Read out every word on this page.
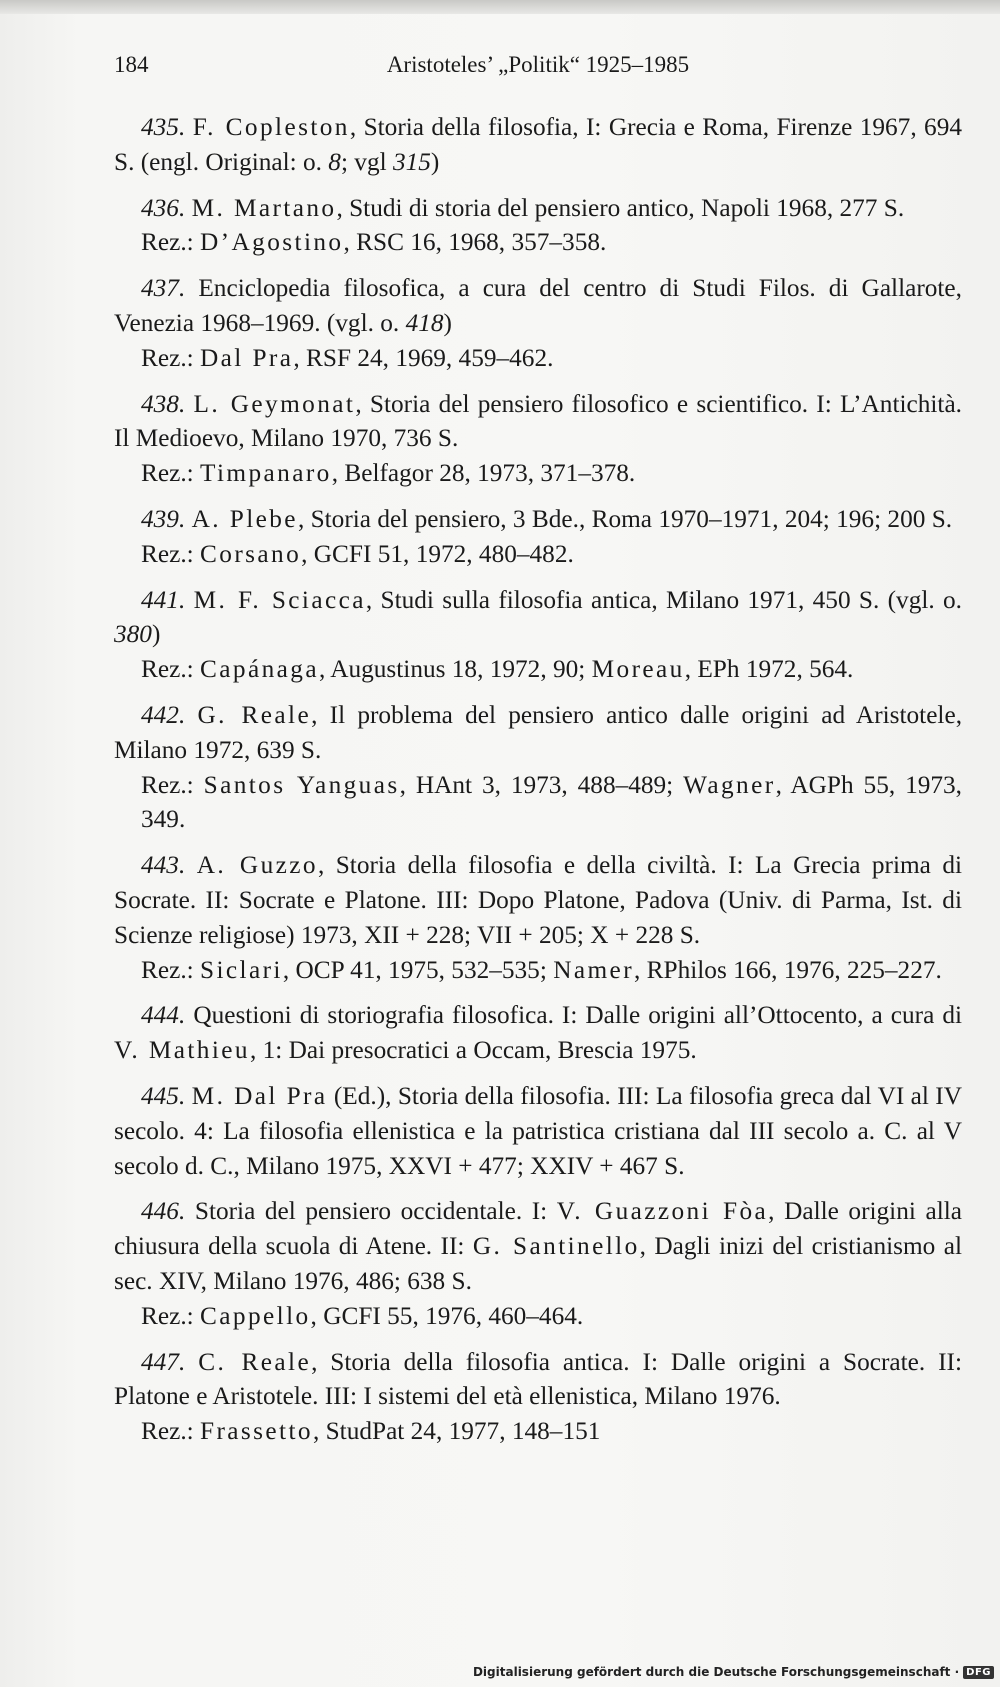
184	Aristoteles’ „Politik“ 1925–1985

435. F. Copleston, Storia della filosofia, I: Grecia e Roma, Firenze 1967, 694 S. (engl. Original: o. 8; vgl 315)

436. M. Martano, Studi di storia del pensiero antico, Napoli 1968, 277 S.

Rez.: D’Agostino, RSC 16, 1968, 357–358.

437. Enciclopedia filosofica, a cura del centro di Studi Filos. di Gallarote, Venezia 1968–1969. (vgl. o. 418)

Rez.: Dal Pra, RSF 24, 1969, 459–462.

438. L. Geymonat, Storia del pensiero filosofico e scientifico. I: L’Antichità. Il Medioevo, Milano 1970, 736 S.

Rez.: Timpanaro, Belfagor 28, 1973, 371–378.

439. A. Plebe, Storia del pensiero, 3 Bde., Roma 1970–1971, 204; 196; 200 S.

Rez.: Corsano, GCFI 51, 1972, 480–482.

441. M. F. Sciacca, Studi sulla filosofia antica, Milano 1971, 450 S. (vgl. o. 380)

Rez.: Capánaga, Augustinus 18, 1972, 90; Moreau, EPh 1972, 564.

442. G. Reale, Il problema del pensiero antico dalle origini ad Aristotele, Milano 1972, 639 S.

Rez.: Santos Yanguas, HAnt 3, 1973, 488–489; Wagner, AGPh 55, 1973, 349.

443. A. Guzzo, Storia della filosofia e della civiltà. I: La Grecia prima di Socrate. II: Socrate e Platone. III: Dopo Platone, Padova (Univ. di Parma, Ist. di Scienze religiose) 1973, XII + 228; VII + 205; X + 228 S.

Rez.: Siclari, OCP 41, 1975, 532–535; Namer, RPhilos 166, 1976, 225–227.

444. Questioni di storiografia filosofica. I: Dalle origini all’Ottocento, a cura di V. Mathieu, 1: Dai presocratici a Occam, Brescia 1975.

445. M. Dal Pra (Ed.), Storia della filosofia. III: La filosofia greca dal VI al IV secolo. 4: La filosofia ellenistica e la patristica cristiana dal III secolo a. C. al V secolo d. C., Milano 1975, XXVI + 477; XXIV + 467 S.

446. Storia del pensiero occidentale. I: V. Guazzoni Fòa, Dalle origini alla chiusura della scuola di Atene. II: G. Santinello, Dagli inizi del cristianismo al sec. XIV, Milano 1976, 486; 638 S.

Rez.: Cappello, GCFI 55, 1976, 460–464.

447. C. Reale, Storia della filosofia antica. I: Dalle origini a Socrate. II: Platone e Aristotele. III: I sistemi del età ellenistica, Milano 1976.

Rez.: Frassetto, StudPat 24, 1977, 148–151

Digitalisierung gefördert durch die Deutsche Forschungsgemeinschaft · DFG
